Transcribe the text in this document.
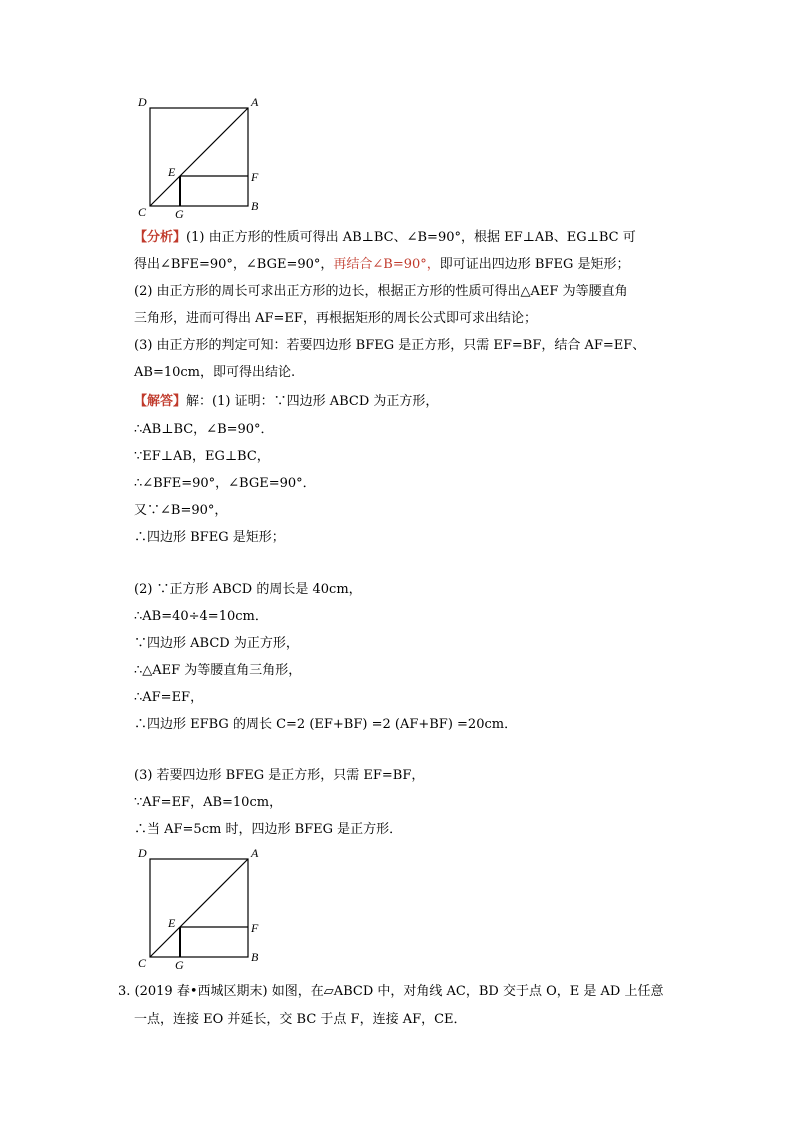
D	A
E	F
C G
B
【分析】(1) 由正方形的性质可得出 AB⊥BC、∠B=90°，根据 EF⊥AB、EG⊥BC 可
得出∠BFE=90°，∠BGE=90°，再结合∠B=90°，即可证出四边形 BFEG 是矩形；
(2) 由正方形的周长可求出正方形的边长，根据正方形的性质可得出△AEF 为等腰直角
三角形，进而可得出 AF=EF，再根据矩形的周长公式即可求出结论；
(3) 由正方形的判定可知：若要四边形 BFEG 是正方形，只需 EF=BF，结合 AF=EF、
AB=10cm，即可得出结论.
【解答】解：(1) 证明：∵四边形 ABCD 为正方形，
∴AB⊥BC，∠B=90°．
∵EF⊥AB，EG⊥BC，
∴∠BFE=90°，∠BGE=90°．
又∵∠B=90°，
∴四边形 BFEG 是矩形；
(2) ∵正方形 ABCD 的周长是 40cm，
∴AB=40÷4=10cm．
∵四边形 ABCD 为正方形，
∴△AEF 为等腰直角三角形，
∴AF=EF，
∴四边形 EFBG 的周长 C=2 (EF+BF) =2 (AF+BF) =20cm．
(3) 若要四边形 BFEG 是正方形，只需 EF=BF，
∵AF=EF，AB=10cm，
∴当 AF=5cm 时，四边形 BFEG 是正方形．
D	A
E	F
C G
B
3. (2019 春•西城区期末) 如图，在▱ABCD 中，对角线 AC，BD 交于点 O，E 是 AD 上任意
一点，连接 EO 并延长，交 BC 于点 F，连接 AF，CE．
